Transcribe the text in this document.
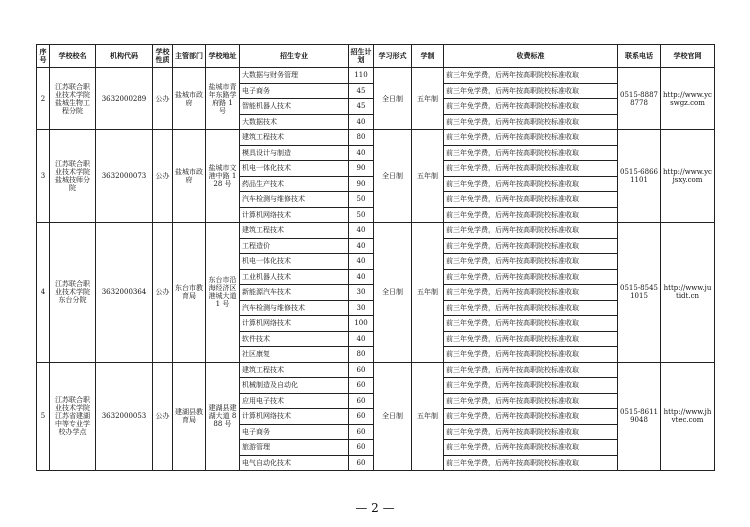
序号	学校校名	机构代码	学校性质	主管部门	学校地址	招生专业	招生计划	学习形式	学制	收费标准	联系电话	学校官网
2	江苏联合职业技术学院盐城生物工程分院	3632000289	公办	盐城市政府	盐城市青年东路学府路 1 号	大数据与财务管理	110	全日制	五年制	前三年免学费，后两年按高职院校标准收取	0515-88878778	http://www.ycswgz.com
						电子商务	45			前三年免学费，后两年按高职院校标准收取		
						智能机器人技术	45			前三年免学费，后两年按高职院校标准收取		
						大数据技术	40			前三年免学费，后两年按高职院校标准收取		
3	江苏联合职业技术学院盐城技师分院	3632000073	公办	盐城市政府	盐城市文港中路 128 号	建筑工程技术	80	全日制	五年制	前三年免学费，后两年按高职院校标准收取	0515-68661101	http://www.ycjsxy.com
						模具设计与制造	40			前三年免学费，后两年按高职院校标准收取		
						机电一体化技术	90			前三年免学费，后两年按高职院校标准收取		
						药品生产技术	90			前三年免学费，后两年按高职院校标准收取		
						汽车检测与维修技术	50			前三年免学费，后两年按高职院校标准收取		
						计算机网络技术	50			前三年免学费，后两年按高职院校标准收取		
4	江苏联合职业技术学院东台分院	3632000364	公办	东台市教育局	东台市沿海经济区港城大道 1 号	建筑工程技术	40	全日制	五年制	前三年免学费，后两年按高职院校标准收取	0515-85451015	http://www.jutidt.cn
						工程造价	40			前三年免学费，后两年按高职院校标准收取		
						机电一体化技术	40			前三年免学费，后两年按高职院校标准收取		
						工业机器人技术	40			前三年免学费，后两年按高职院校标准收取		
						新能源汽车技术	30			前三年免学费，后两年按高职院校标准收取		
						汽车检测与维修技术	30			前三年免学费，后两年按高职院校标准收取		
						计算机网络技术	100			前三年免学费，后两年按高职院校标准收取		
						软件技术	40			前三年免学费，后两年按高职院校标准收取		
						社区康复	80			前三年免学费，后两年按高职院校标准收取		
5	江苏联合职业技术学院江苏省建湖中等专业学校办学点	3632000053	公办	建湖县教育局	建湖县建湖大道 888 号	建筑工程技术	60	全日制	五年制	前三年免学费，后两年按高职院校标准收取	0515-86119048	http://www.jhvtec.com
						机械制造及自动化	60			前三年免学费，后两年按高职院校标准收取		
						应用电子技术	60			前三年免学费，后两年按高职院校标准收取		
						计算机网络技术	60			前三年免学费，后两年按高职院校标准收取		
						电子商务	60			前三年免学费，后两年按高职院校标准收取		
						旅游管理	60			前三年免学费，后两年按高职院校标准收取		
						电气自动化技术	60			前三年免学费，后两年按高职院校标准收取		
— 2 —
